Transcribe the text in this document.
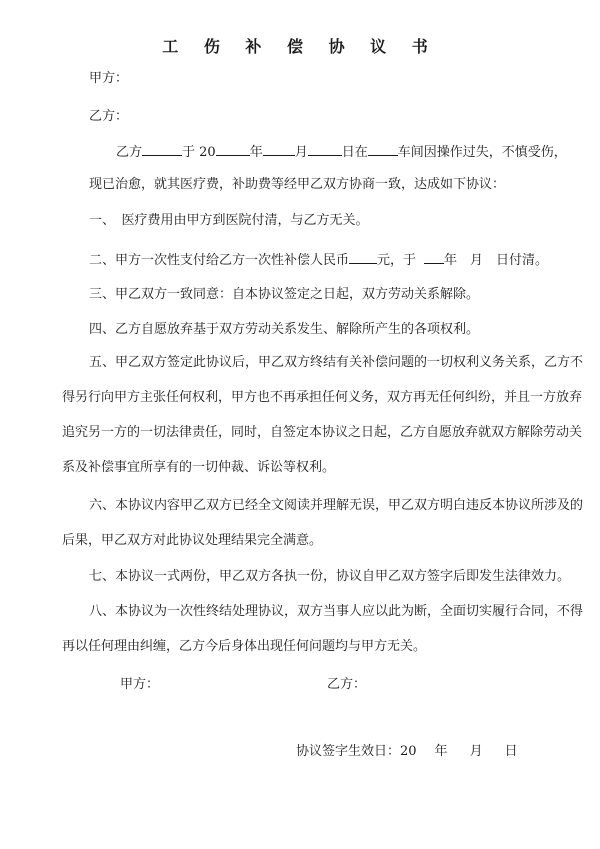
工 伤 补 偿 协 议 书
甲方：
乙方：
乙方	于 20	年 月	日在 车间因操作过失，不慎受伤，
现已治愈，就其医疗费，补助费等经甲乙双方协商一致，达成如下协议：
一、　医疗费用由甲方到医院付清，与乙方无关。
二、甲方一次性支付给乙方一次性补偿人民币 元，于 年　月　日付清。
三、甲乙双方一致同意：自本协议签定之日起，双方劳动关系解除。
四、乙方自愿放弃基于双方劳动关系发生、解除所产生的各项权利。
五、甲乙双方签定此协议后，甲乙双方终结有关补偿问题的一切权利义务关系，乙方不
得另行向甲方主张任何权利，甲方也不再承担任何义务，双方再无任何纠纷，并且一方放弃
追究另一方的一切法律责任，同时，自签定本协议之日起，乙方自愿放弃就双方解除劳动关
系及补偿事宜所享有的一切仲裁、诉讼等权利。
六、本协议内容甲乙双方已经全文阅读并理解无误，甲乙双方明白违反本协议所涉及的
后果，甲乙双方对此协议处理结果完全满意。
七、本协议一式两份，甲乙双方各执一份，协议自甲乙双方签字后即发生法律效力。
八、本协议为一次性终结处理协议，双方当事人应以此为断，全面切实履行合同，不得
再以任何理由纠缠，乙方今后身体出现任何问题均与甲方无关。
甲方：	乙方：
协议签字生效日：20 年 月 日
